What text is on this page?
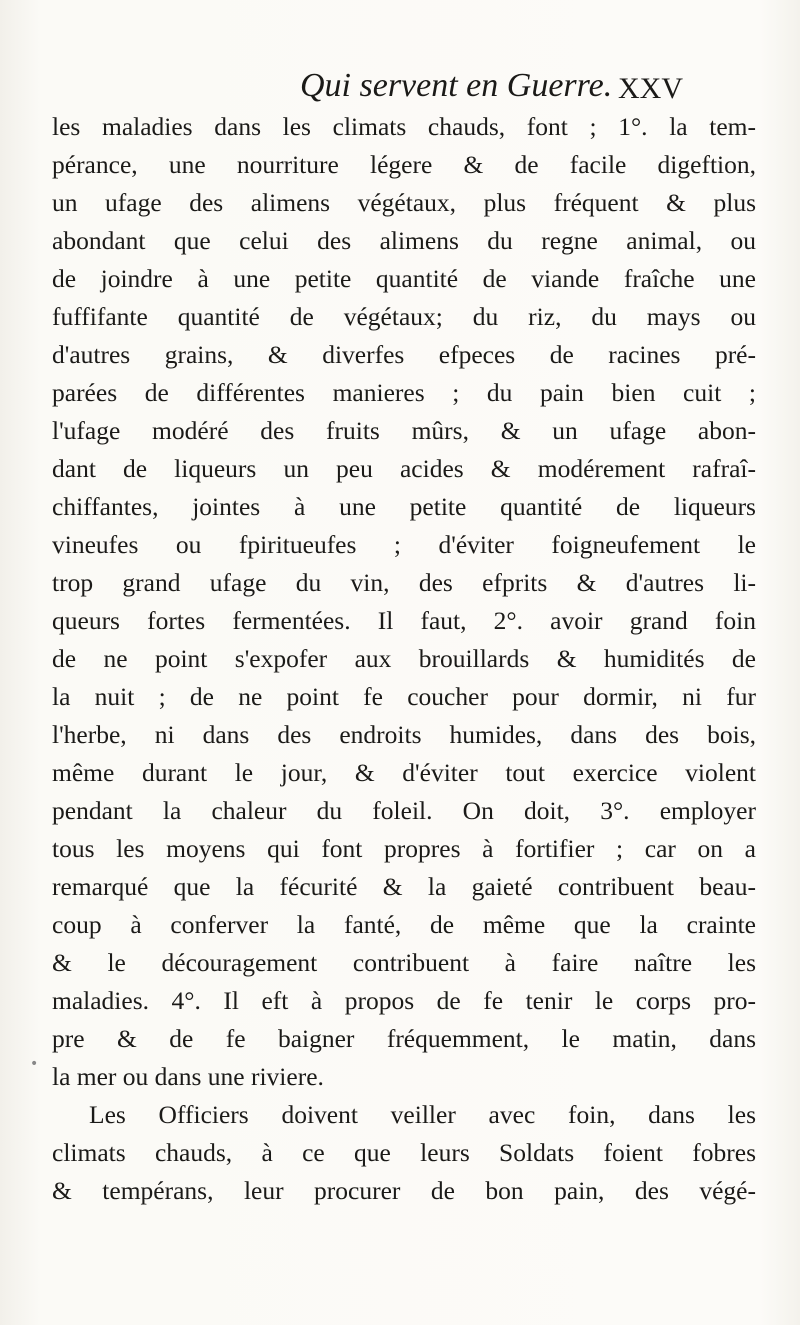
Qui servent en Guerre. XXV
les maladies dans les climats chauds, font ; 1°. la tem-
pérance, une nourriture légere & de facile digeftion,
un ufage des alimens végétaux, plus fréquent & plus
abondant que celui des alimens du regne animal, ou
de joindre à une petite quantité de viande fraîche une
fuffifante quantité de végétaux; du riz, du mays ou
d'autres grains, & diverfes efpeces de racines pré-
parées de différentes manieres ; du pain bien cuit ;
l'ufage modéré des fruits mûrs, & un ufage abon-
dant de liqueurs un peu acides & modérement rafraî-
chiffantes, jointes à une petite quantité de liqueurs
vineufes ou fpiritueufes ; d'éviter foigneufement le
trop grand ufage du vin, des efprits & d'autres li-
queurs fortes fermentées. Il faut, 2°. avoir grand foin
de ne point s'expofer aux brouillards & humidités de
la nuit ; de ne point fe coucher pour dormir, ni fur
l'herbe, ni dans des endroits humides, dans des bois,
même durant le jour, & d'éviter tout exercice violent
pendant la chaleur du foleil. On doit, 3°. employer
tous les moyens qui font propres à fortifier ; car on a
remarqué que la fécurité & la gaieté contribuent beau-
coup à conferver la fanté, de même que la crainte
& le découragement contribuent à faire naître les
maladies. 4°. Il eft à propos de fe tenir le corps pro-
pre & de fe baigner fréquemment, le matin, dans
la mer ou dans une riviere.
Les Officiers doivent veiller avec foin, dans les
climats chauds, à ce que leurs Soldats foient fobres
& tempérans, leur procurer de bon pain, des végé-
•
